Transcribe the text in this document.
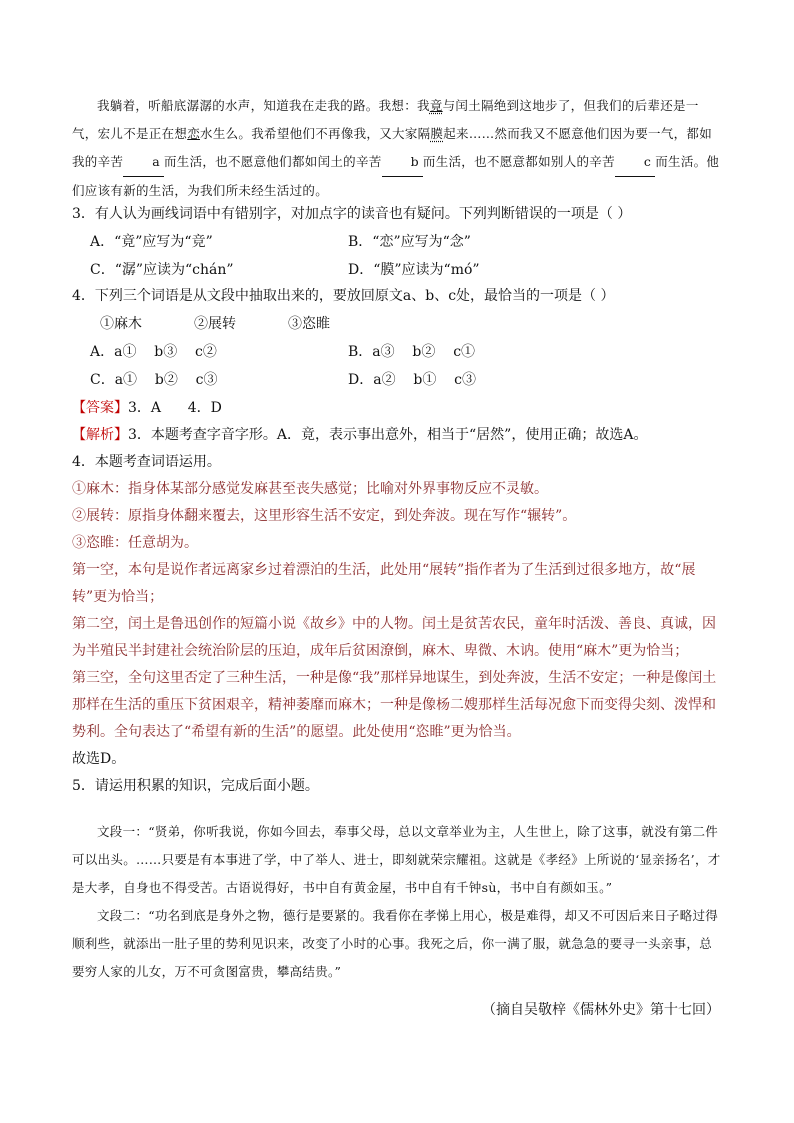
我躺着，听船底潺潺的水声，知道我在走我的路。我想：我竟与闰土隔绝到这地步了，但我们的后辈还是一气，宏儿不是正在想恋水生么。我希望他们不再像我，又大家隔膜起来……然而我又不愿意他们因为要一气，都如我的辛苦 a 而生活，也不愿意他们都如闰土的辛苦 b 而生活，也不愿意都如别人的辛苦 c 而生活。他们应该有新的生活，为我们所未经生活过的。

3．有人认为画线词语中有错别字，对加点字的读音也有疑问。下列判断错误的一项是（ ）
A．“竟”应写为“竞”	B．“恋”应写为“念”
C．“潺”应读为“chán”	D．“膜”应读为“mó”
4．下列三个词语是从文段中抽取出来的，要放回原文a、b、c处，最恰当的一项是（ ）
①麻木	②展转	③恣睢
A．a①    b③    c②	B．a③    b②    c①
C．a①    b②    c③	D．a②    b①    c③
【答案】3．A      4．D
【解析】3．本题考查字音字形。A．竟，表示事出意外，相当于“居然”，使用正确；故选A。
4．本题考查词语运用。
①麻木：指身体某部分感觉发麻甚至丧失感觉；比喻对外界事物反应不灵敏。
②展转：原指身体翻来覆去，这里形容生活不安定，到处奔波。现在写作“辗转”。
③恣睢：任意胡为。
第一空，本句是说作者远离家乡过着漂泊的生活，此处用“展转”指作者为了生活到过很多地方，故“展转”更为恰当；
第二空，闰土是鲁迅创作的短篇小说《故乡》中的人物。闰土是贫苦农民，童年时活泼、善良、真诚，因为半殖民半封建社会统治阶层的压迫，成年后贫困潦倒，麻木、卑微、木讷。使用“麻木”更为恰当；
第三空，全句这里否定了三种生活，一种是像“我”那样异地谋生，到处奔波，生活不安定；一种是像闰土那样在生活的重压下贫困艰辛，精神萎靡而麻木；一种是像杨二嫂那样生活每况愈下而变得尖刻、泼悍和势利。全句表达了“希望有新的生活”的愿望。此处使用“恣睢”更为恰当。
故选D。
5．请运用积累的知识，完成后面小题。

文段一：“贤弟，你听我说，你如今回去，奉事父母，总以文章举业为主，人生世上，除了这事，就没有第二件可以出头。……只要是有本事进了学，中了举人、进士，即刻就荣宗耀祖。这就是《孝经》上所说的‘显亲扬名’，才是大孝，自身也不得受苦。古语说得好，书中自有黄金屋，书中自有千钟sù，书中自有颜如玉。”

文段二：“功名到底是身外之物，德行是要紧的。我看你在孝悌上用心，极是难得，却又不可因后来日子略过得顺利些，就添出一肚子里的势利见识来，改变了小时的心事。我死之后，你一满了服，就急急的要寻一头亲事，总要穷人家的儿女，万不可贪图富贵，攀高结贵。”

（摘自吴敬梓《儒林外史》第十七回）
